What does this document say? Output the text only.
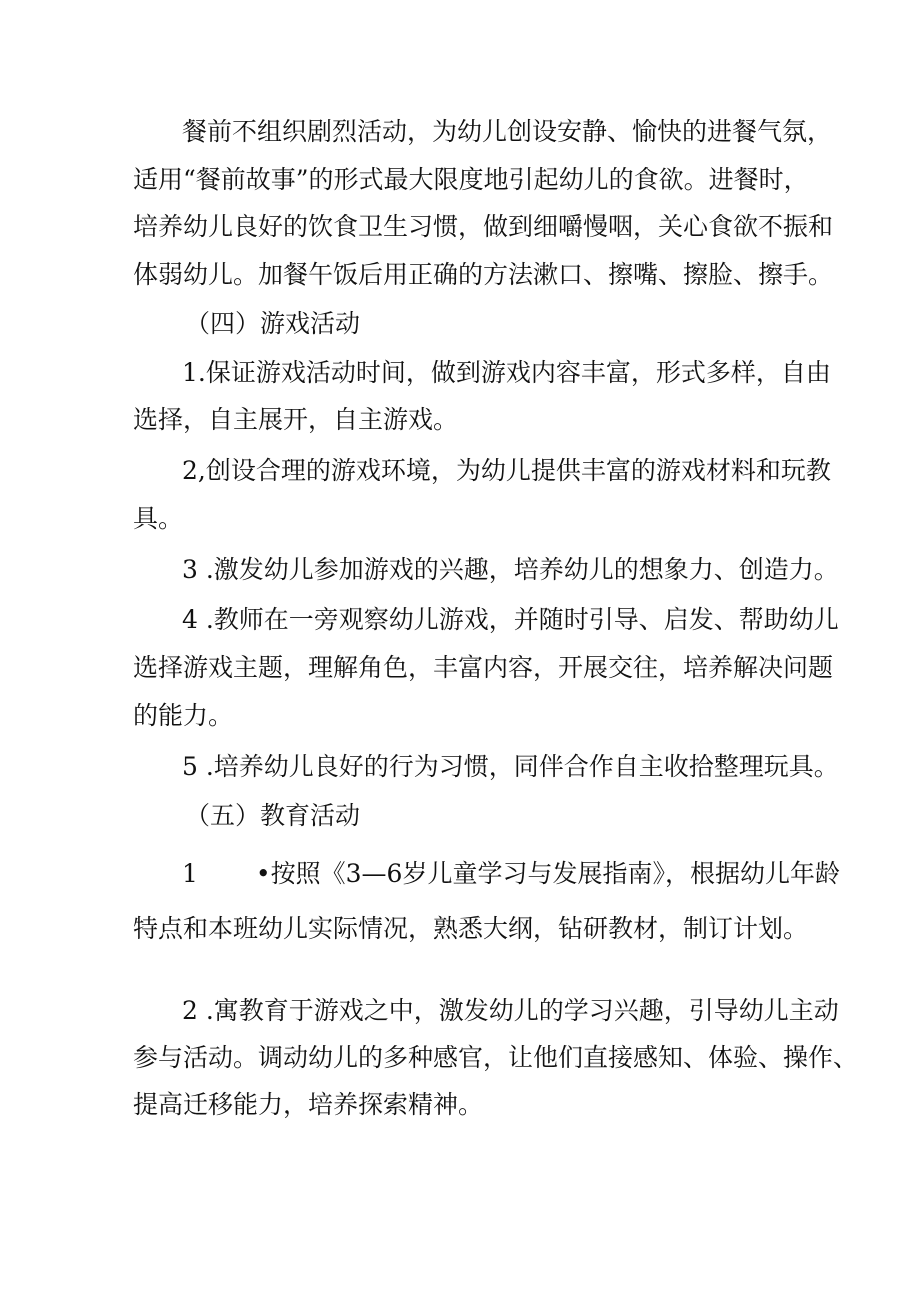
餐前不组织剧烈活动，为幼儿创设安静、愉快的进餐气氛，
适用“餐前故事”的形式最大限度地引起幼儿的食欲。进餐时，
培养幼儿良好的饮食卫生习惯，做到细嚼慢咽，关心食欲不振和
体弱幼儿。加餐午饭后用正确的方法漱口、擦嘴、擦脸、擦手。
（四）游戏活动
1.保证游戏活动时间，做到游戏内容丰富，形式多样，自由
选择，自主展开，自主游戏。
2,创设合理的游戏环境，为幼儿提供丰富的游戏材料和玩教
具。
3 .激发幼儿参加游戏的兴趣，培养幼儿的想象力、创造力。
4 .教师在一旁观察幼儿游戏，并随时引导、启发、帮助幼儿
选择游戏主题，理解角色，丰富内容，开展交往，培养解决问题
的能力。
5 .培养幼儿良好的行为习惯，同伴合作自主收拾整理玩具。
（五）教育活动
1 •按照《3—6岁儿童学习与发展指南》，根据幼儿年龄
特点和本班幼儿实际情况，熟悉大纲，钻研教材，制订计划。
2 .寓教育于游戏之中，激发幼儿的学习兴趣，引导幼儿主动
参与活动。调动幼儿的多种感官，让他们直接感知、体验、操作、
提高迁移能力，培养探索精神。
